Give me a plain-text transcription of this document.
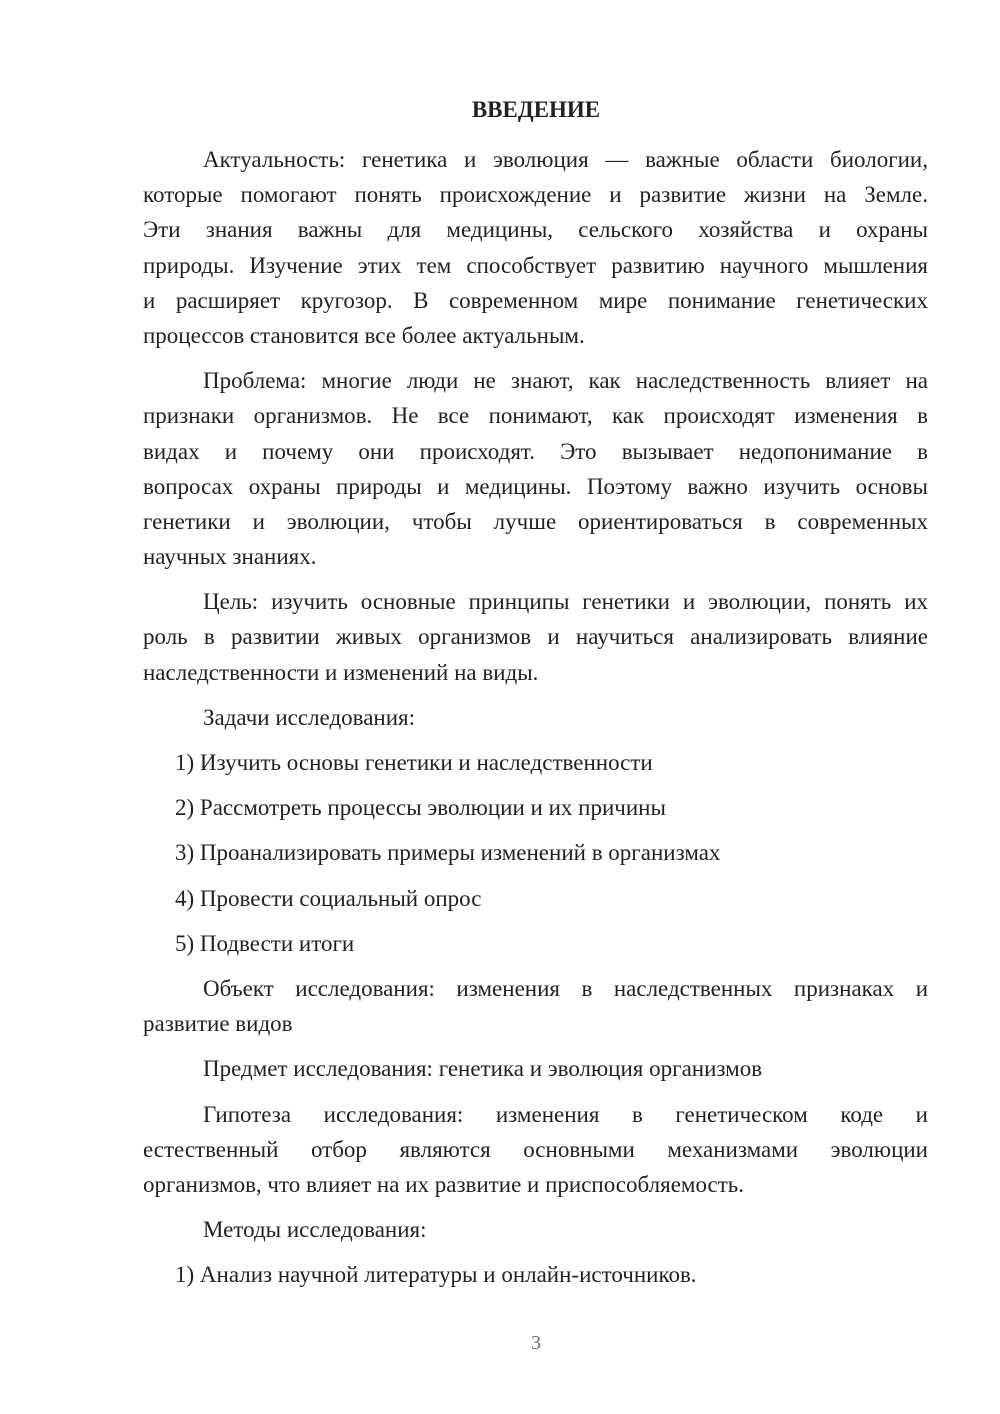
ВВЕДЕНИЕ
Актуальность: генетика и эволюция — важные области биологии,
которые помогают понять происхождение и развитие жизни на Земле.
Эти знания важны для медицины, сельского хозяйства и охраны
природы. Изучение этих тем способствует развитию научного мышления
и расширяет кругозор. В современном мире понимание генетических
процессов становится все более актуальным.
Проблема: многие люди не знают, как наследственность влияет на
признаки организмов. Не все понимают, как происходят изменения в
видах и почему они происходят. Это вызывает недопонимание в
вопросах охраны природы и медицины. Поэтому важно изучить основы
генетики и эволюции, чтобы лучше ориентироваться в современных
научных знаниях.
Цель: изучить основные принципы генетики и эволюции, понять их
роль в развитии живых организмов и научиться анализировать влияние
наследственности и изменений на виды.
Задачи исследования:
1) Изучить основы генетики и наследственности
2) Рассмотреть процессы эволюции и их причины
3) Проанализировать примеры изменений в организмах
4) Провести социальный опрос
5) Подвести итоги
Объект исследования: изменения в наследственных признаках и
развитие видов
Предмет исследования: генетика и эволюция организмов
Гипотеза исследования: изменения в генетическом коде и
естественный отбор являются основными механизмами эволюции
организмов, что влияет на их развитие и приспособляемость.
Методы исследования:
1) Анализ научной литературы и онлайн-источников.
3
